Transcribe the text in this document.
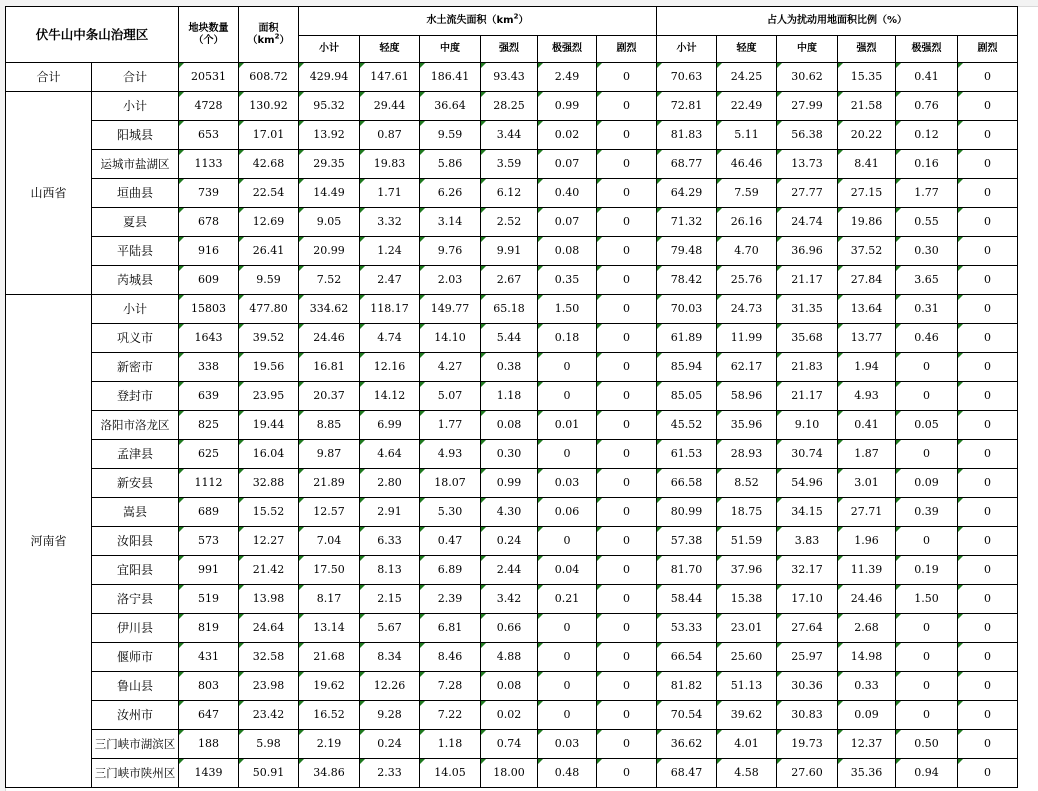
伏牛山中条山治理区		地块数量（个）	面积
$(km^2)$	水土流失面积$(km^2)$						占人为扰动用地面积比例（%）					
				小计	轻度	中度	强烈	极强烈	剧烈	小计	轻度	中度	强烈	极强烈	剧烈
合计	合计	20531	608.72	429.94	147.61	186.41	93.43	2.49	0	70.63	24.25	30.62	15.35	0.41	0
山西省	小计	4728	130.92	95.32	29.44	36.64	28.25	0.99	0	72.81	22.49	27.99	21.58	0.76	0
	阳城县	653	17.01	13.92	0.87	9.59	3.44	0.02	0	81.83	5.11	56.38	20.22	0.12	0
	运城市盐湖区	1133	42.68	29.35	19.83	5.86	3.59	0.07	0	68.77	46.46	13.73	8.41	0.16	0
	垣曲县	739	22.54	14.49	1.71	6.26	6.12	0.40	0	64.29	7.59	27.77	27.15	1.77	0
	夏县	678	12.69	9.05	3.32	3.14	2.52	0.07	0	71.32	26.16	24.74	19.86	0.55	0
	平陆县	916	26.41	20.99	1.24	9.76	9.91	0.08	0	79.48	4.70	36.96	37.52	0.30	0
	芮城县	609	9.59	7.52	2.47	2.03	2.67	0.35	0	78.42	25.76	21.17	27.84	3.65	0
河南省	小计	15803	477.80	334.62	118.17	149.77	65.18	1.50	0	70.03	24.73	31.35	13.64	0.31	0
	巩义市	1643	39.52	24.46	4.74	14.10	5.44	0.18	0	61.89	11.99	35.68	13.77	0.46	0
	新密市	338	19.56	16.81	12.16	4.27	0.38	0	0	85.94	62.17	21.83	1.94	0	0
	登封市	639	23.95	20.37	14.12	5.07	1.18	0	0	85.05	58.96	21.17	4.93	0	0
	洛阳市洛龙区	825	19.44	8.85	6.99	1.77	0.08	0.01	0	45.52	35.96	9.10	0.41	0.05	0
	孟津县	625	16.04	9.87	4.64	4.93	0.30	0	0	61.53	28.93	30.74	1.87	0	0
	新安县	1112	32.88	21.89	2.80	18.07	0.99	0.03	0	66.58	8.52	54.96	3.01	0.09	0
	嵩县	689	15.52	12.57	2.91	5.30	4.30	0.06	0	80.99	18.75	34.15	27.71	0.39	0
	汝阳县	573	12.27	7.04	6.33	0.47	0.24	0	0	57.38	51.59	3.83	1.96	0	0
	宜阳县	991	21.42	17.50	8.13	6.89	2.44	0.04	0	81.70	37.96	32.17	11.39	0.19	0
	洛宁县	519	13.98	8.17	2.15	2.39	3.42	0.21	0	58.44	15.38	17.10	24.46	1.50	0
	伊川县	819	24.64	13.14	5.67	6.81	0.66	0	0	53.33	23.01	27.64	2.68	0	0
	偃师市	431	32.58	21.68	8.34	8.46	4.88	0	0	66.54	25.60	25.97	14.98	0	0
	鲁山县	803	23.98	19.62	12.26	7.28	0.08	0	0	81.82	51.13	30.36	0.33	0	0
	汝州市	647	23.42	16.52	9.28	7.22	0.02	0	0	70.54	39.62	30.83	0.09	0	0
	三门峡市湖滨区	188	5.98	2.19	0.24	1.18	0.74	0.03	0	36.62	4.01	19.73	12.37	0.50	0
	三门峡市陕州区	1439	50.91	34.86	2.33	14.05	18.00	0.48	0	68.47	4.58	27.60	35.36	0.94	0
